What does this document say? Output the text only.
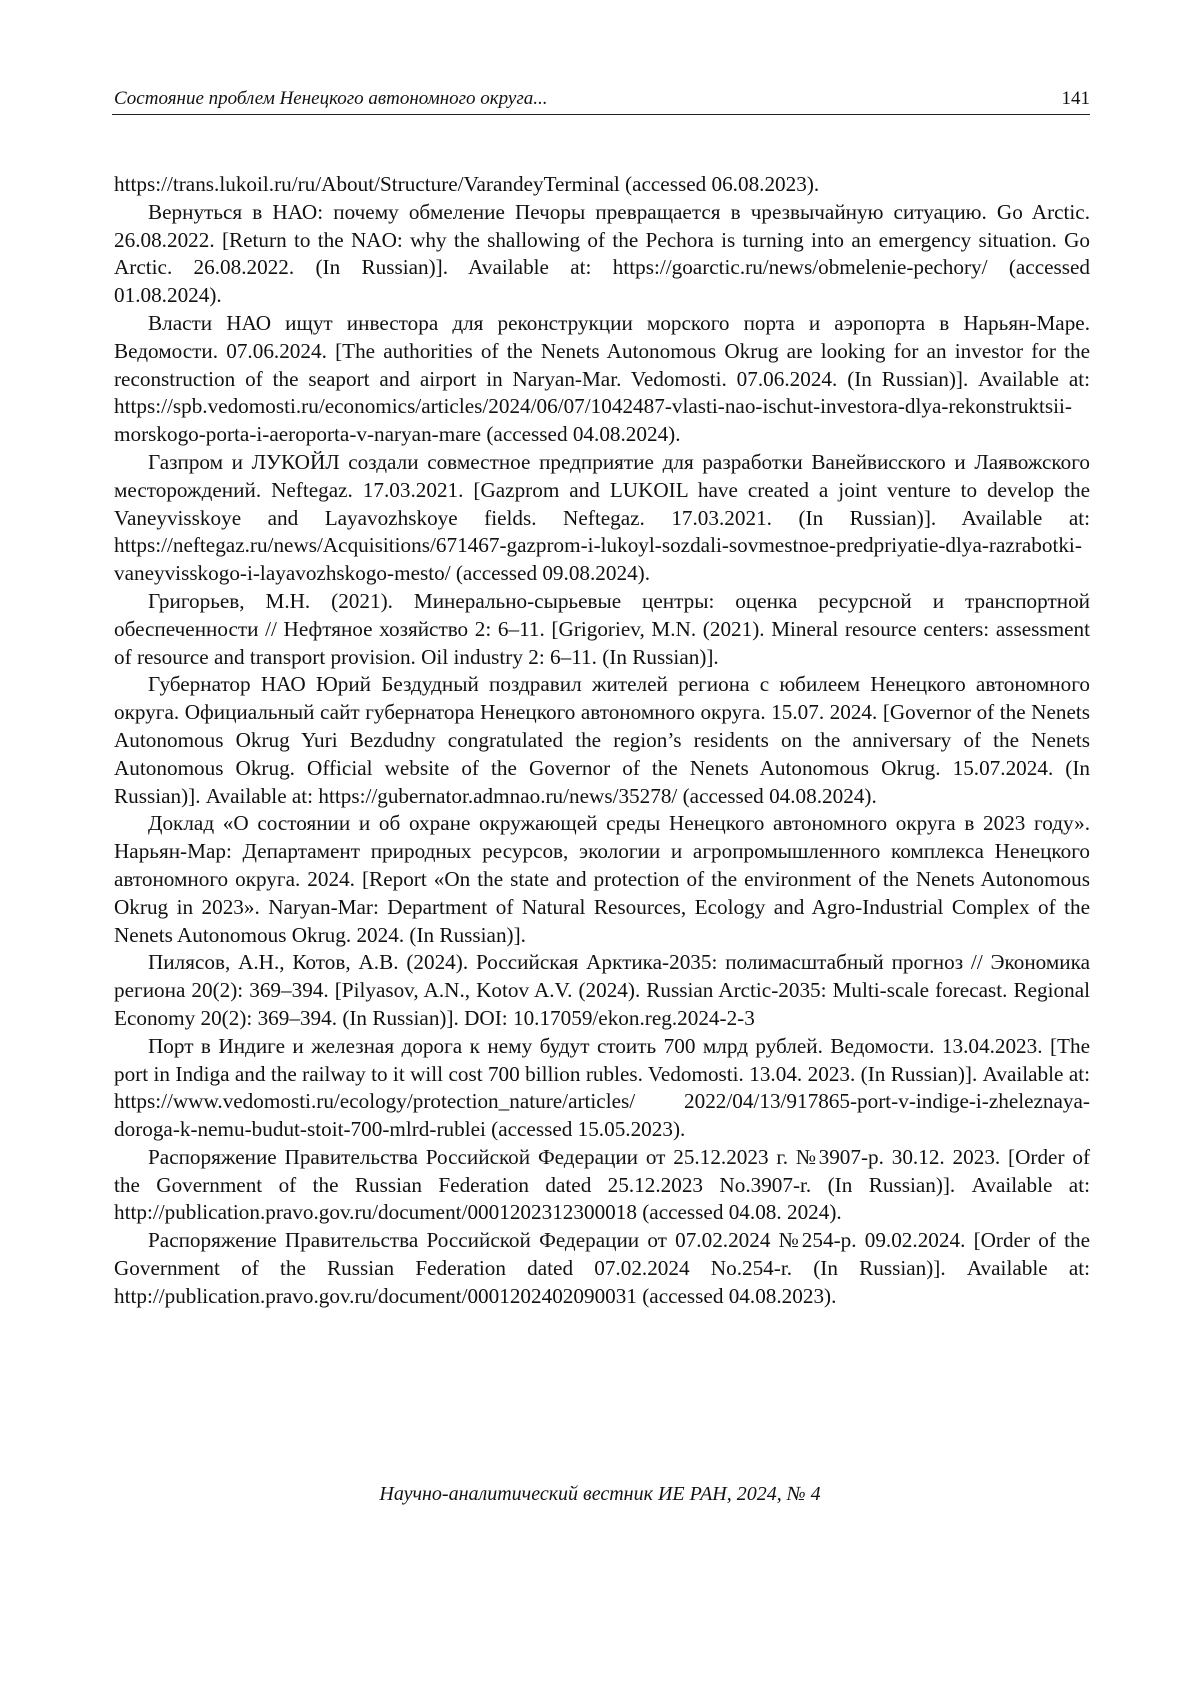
Состояние проблем Ненецкого автономного округа...	141

https://trans.lukoil.ru/ru/About/Structure/VarandeyTerminal (accessed 06.08.2023).

Вернуться в НАО: почему обмеление Печоры превращается в чрезвычайную ситуацию. Go Arctic. 26.08.2022. [Return to the NAO: why the shallowing of the Pechora is turning into an emergency situation. Go Arctic. 26.08.2022. (In Russian)]. Available at: https://goarctic.ru/news/obmelenie-pechory/ (accessed 01.08.2024).

Власти НАО ищут инвестора для реконструкции морского порта и аэропорта в Нарьян-Маре. Ведомости. 07.06.2024. [The authorities of the Nenets Autonomous Okrug are looking for an investor for the reconstruction of the seaport and airport in Naryan-Mar. Vedomosti. 07.06.2024. (In Russian)]. Available at: https://spb.vedomosti.ru/economics/articles/2024/06/07/1042487-vlasti-nao-ischut-investora-dlya-rekonstruktsii-morskogo-porta-i-aeroporta-v-naryan-mare (accessed 04.08.2024).

Газпром и ЛУКОЙЛ создали совместное предприятие для разработки Ванейвисского и Лаявожского месторождений. Neftegaz. 17.03.2021. [Gazprom and LUKOIL have created a joint venture to develop the Vaneyvisskoye and Layavozhskoye fields. Neftegaz. 17.03.2021. (In Russian)]. Available at: https://neftegaz.ru/news/Acquisitions/671467-gazprom-i-lukoyl-sozdali-sovme​stnoe-predpriyatie-dlya-razrabotki-vaneyvisskogo-i-layavozhskogo-mesto/ (accessed 09.08.2024).

Григорьев, М.Н. (2021). Минерально-сырьевые центры: оценка ресурсной и транспортной обеспеченности // Нефтяное хозяйство 2: 6–11. [Grigoriev, M.N. (2021). Mineral resource centers: assessment of resource and transport provision. Oil industry 2: 6–11. (In Russian)].

Губернатор НАО Юрий Бездудный поздравил жителей региона с юбилеем Ненецкого автономного округа. Официальный сайт губернатора Ненецкого автономного округа. 15.07. 2024. [Governor of the Nenets Autonomous Okrug Yuri Bezdudny congratulated the region’s residents on the anniversary of the Nenets Autonomous Okrug. Official website of the Governor of the Nenets Autonomous Okrug. 15.07.2024. (In Russian)]. Available at: https://gubernator.admnao.ru/news/35278/ (accessed 04.08.2024).

Доклад «О состоянии и об охране окружающей среды Ненецкого автономного округа в 2023 году». Нарьян-Мар: Департамент природных ресурсов, экологии и агропромышленного комплекса Ненецкого автономного округа. 2024. [Report «On the state and protection of the environment of the Nenets Autonomous Okrug in 2023». Naryan-Mar: Department of Natural Resources, Ecology and Agro-Industrial Complex of the Nenets Autonomous Okrug. 2024. (In Russian)].

Пилясов, А.Н., Котов, А.В. (2024). Российская Арктика-2035: полимасштабный прогноз // Экономика региона 20(2): 369–394. [Pilyasov, A.N., Kotov A.V. (2024). Russian Arctic-2035: Multi-scale forecast. Regional Economy 20(2): 369–394. (In Russian)]. DOI: 10.17059/ekon.reg.2024-2-3

Порт в Индиге и железная дорога к нему будут стоить 700 млрд рублей. Ведомости. 13.04.2023. [The port in Indiga and the railway to it will cost 700 billion rubles. Vedomosti. 13.04. 2023. (In Russian)]. Available at: https://www.vedomosti.ru/ecology/protection_nature/articles/ 2022/04/13/917865-port-v-indige-i-zheleznaya-doroga-k-nemu-budut-stoit-700-mlrd-rublei (accessed 15.05.2023).

Распоряжение Правительства Российской Федерации от 25.12.2023 г. №3907-р. 30.12. 2023. [Order of the Government of the Russian Federation dated 25.12.2023 No.3907-r. (In Russian)]. Available at: http://publication.pravo.gov.ru/document/0001202312300018 (accessed 04.08. 2024).

Распоряжение Правительства Российской Федерации от 07.02.2024 №254-р. 09.02.2024. [Order of the Government of the Russian Federation dated 07.02.2024 No.254-r. (In Russian)]. Available at: http://publication.pravo.gov.ru/document/0001202402090031 (accessed 04.08.2023).

Научно-аналитический вестник ИЕ РАН, 2024, № 4
